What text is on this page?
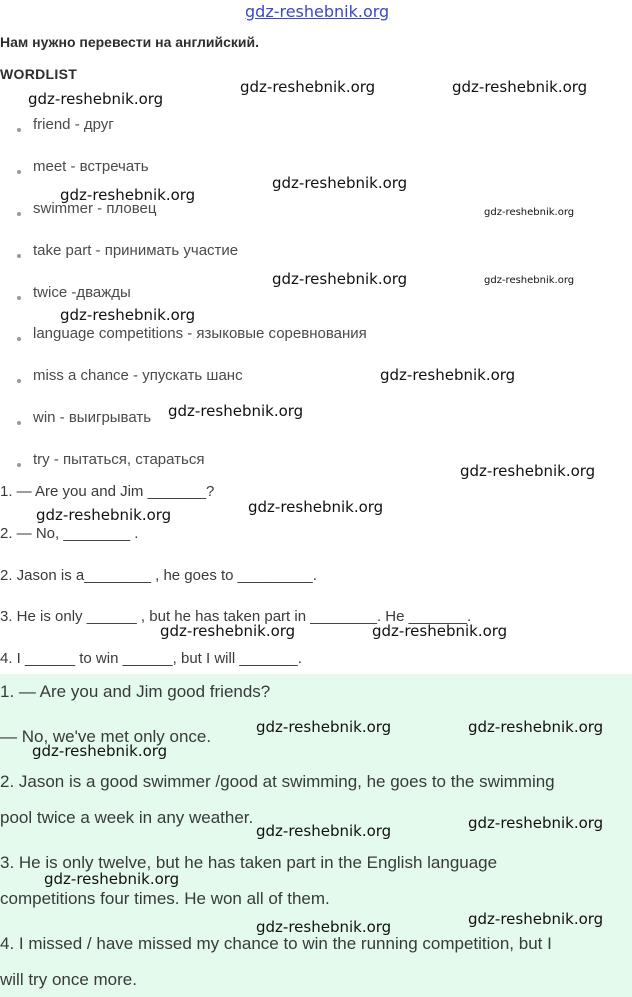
gdz-reshebnik.org
Нам нужно перевести на английский.
WORDLIST
friend - друг
meet - встречать
swimmer - пловец
take part - принимать участие
twice -дважды
language competitions - языковые соревнования
miss a chance - упускать шанс
win - выигрывать
try - пытаться, стараться
1. — Are you and Jim _______?
2. — No, ________ .
2. Jason is a________ , he goes to _________.
3. He is only ______ , but he has taken part in ________. He _______.
4. I ______ to win ______, but I will _______.
1. — Are you and Jim good friends?
— No, we've met only once.
2. Jason is a good swimmer /good at swimming, he goes to the swimming
pool twice a week in any weather.
3. He is only twelve, but he has taken part in the English language
competitions four times. He won all of them.
4. I missed / have missed my chance to win the running competition, but I
will try once more.
gdz-reshebnik.org
gdz-reshebnik.org	gdz-reshebnik.org
gdz-reshebnik.org
gdz-reshebnik.org
gdz-reshebnik.org
gdz-reshebnik.org	gdz-reshebnik.org
gdz-reshebnik.org
gdz-reshebnik.org
gdz-reshebnik.org
gdz-reshebnik.org
gdz-reshebnik.org
gdz-reshebnik.org
gdz-reshebnik.org	gdz-reshebnik.org
gdz-reshebnik.org	gdz-reshebnik.org
gdz-reshebnik.org
gdz-reshebnik.org	gdz-reshebnik.org
gdz-reshebnik.org
gdz-reshebnik.org	gdz-reshebnik.org
